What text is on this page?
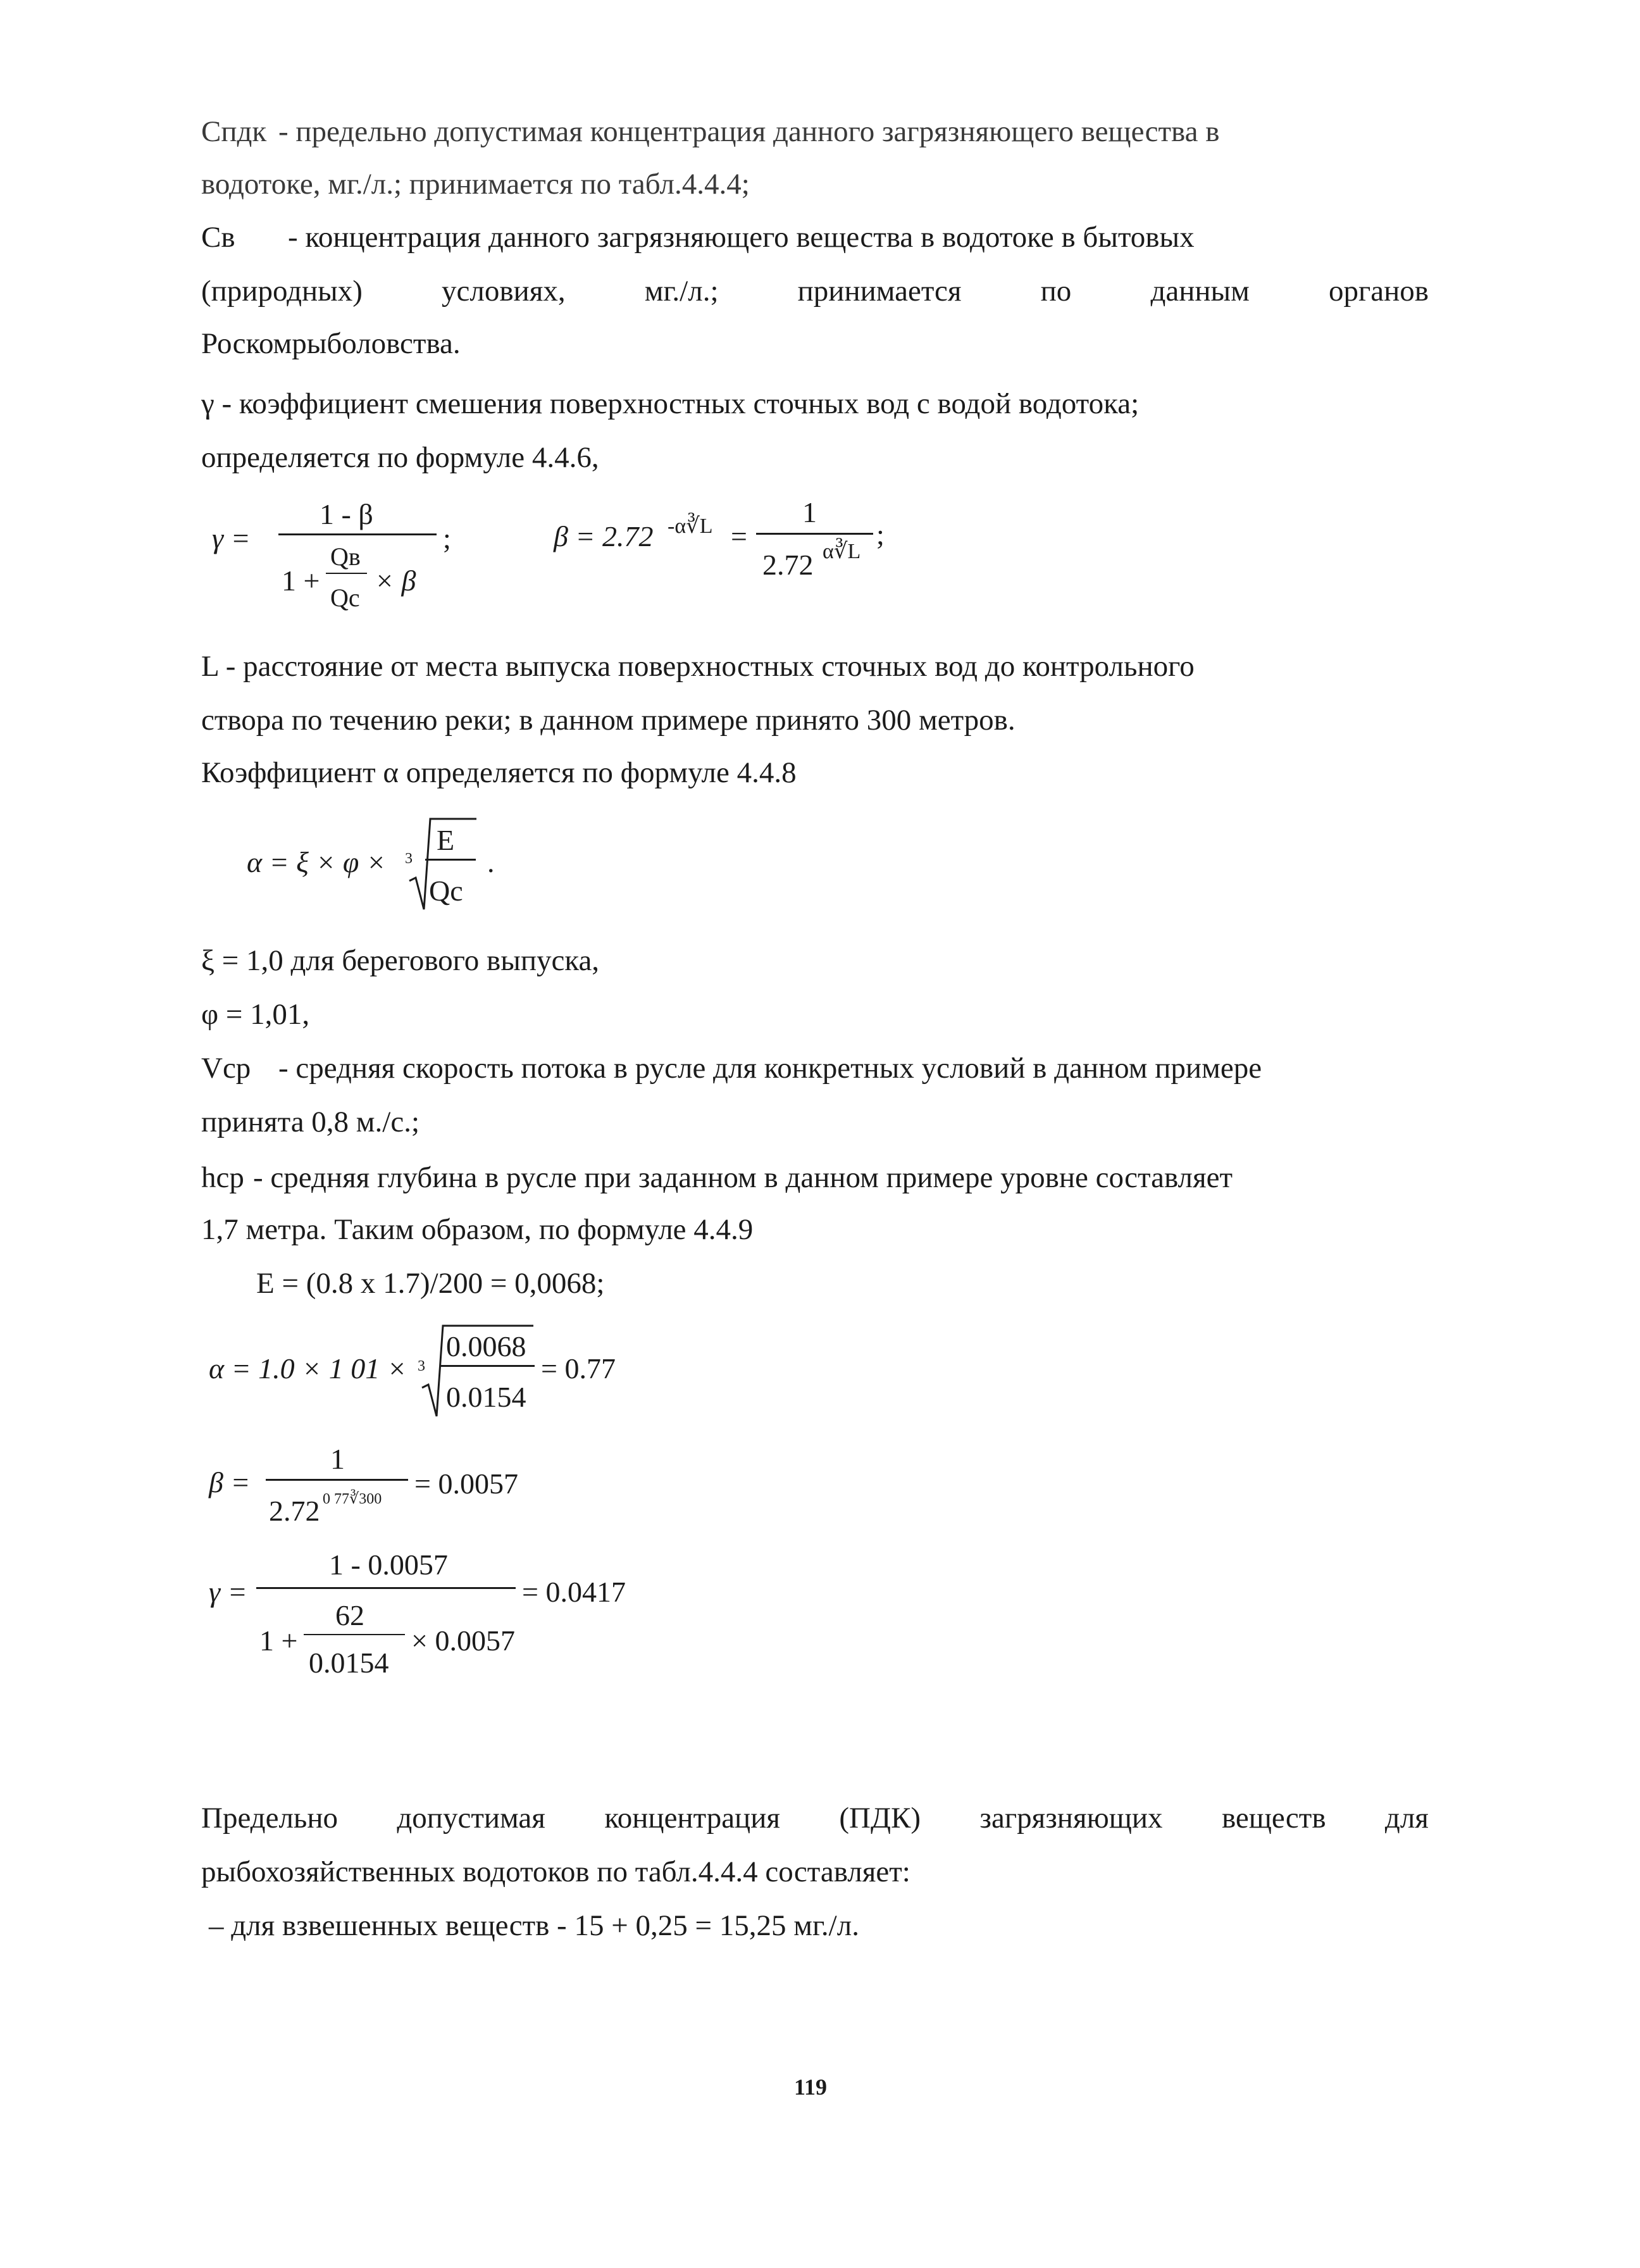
Cпдк - предельно допустимая концентрация данного загрязняющего вещества в
водотоке, мг./л.; принимается по табл.4.4.4;
Cв - концентрация данного загрязняющего вещества в водотоке в бытовых
(природных)	условиях,	мг./л.;	принимается	по	данным	органов
Роскомрыболовства.
γ - коэффициент смешения поверхностных сточных вод с водой водотока;
определяется по формуле 4.4.6,
γ =
1 - β
;
1 +
Qв
Qc
× β
β = 2.72 -α∛L =
1
2.72 α∛L
;
L - расстояние от места выпуска поверхностных сточных вод до контрольного
створа по течению реки; в данном примере принято 300 метров.
Коэффициент α определяется по формуле 4.4.8
α = ξ × φ × 3
E
Qc
.
ξ = 1,0 для берегового выпуска,
φ = 1,01,
Vср - средняя скорость потока в русле для конкретных условий в данном примере
принята 0,8 м./с.;
hср - средняя глубина в русле при заданном в данном примере уровне составляет
1,7 метра. Таким образом, по формуле 4.4.9
E = (0.8 x 1.7)/200 = 0,0068;
α = 1.0 × 1 01 × 3
0.0068
0.0154
= 0.77
β =
1
2.72 0 77∛300 = 0.0057
γ =
1 - 0.0057
= 0.0417
1 +
62
0.0154
× 0.0057
Предельно допустимая концентрация (ПДК) загрязняющих веществ для
рыбохозяйственных водотоков по табл.4.4.4 составляет:
– для взвешенных веществ - 15 + 0,25 = 15,25 мг./л.
119
